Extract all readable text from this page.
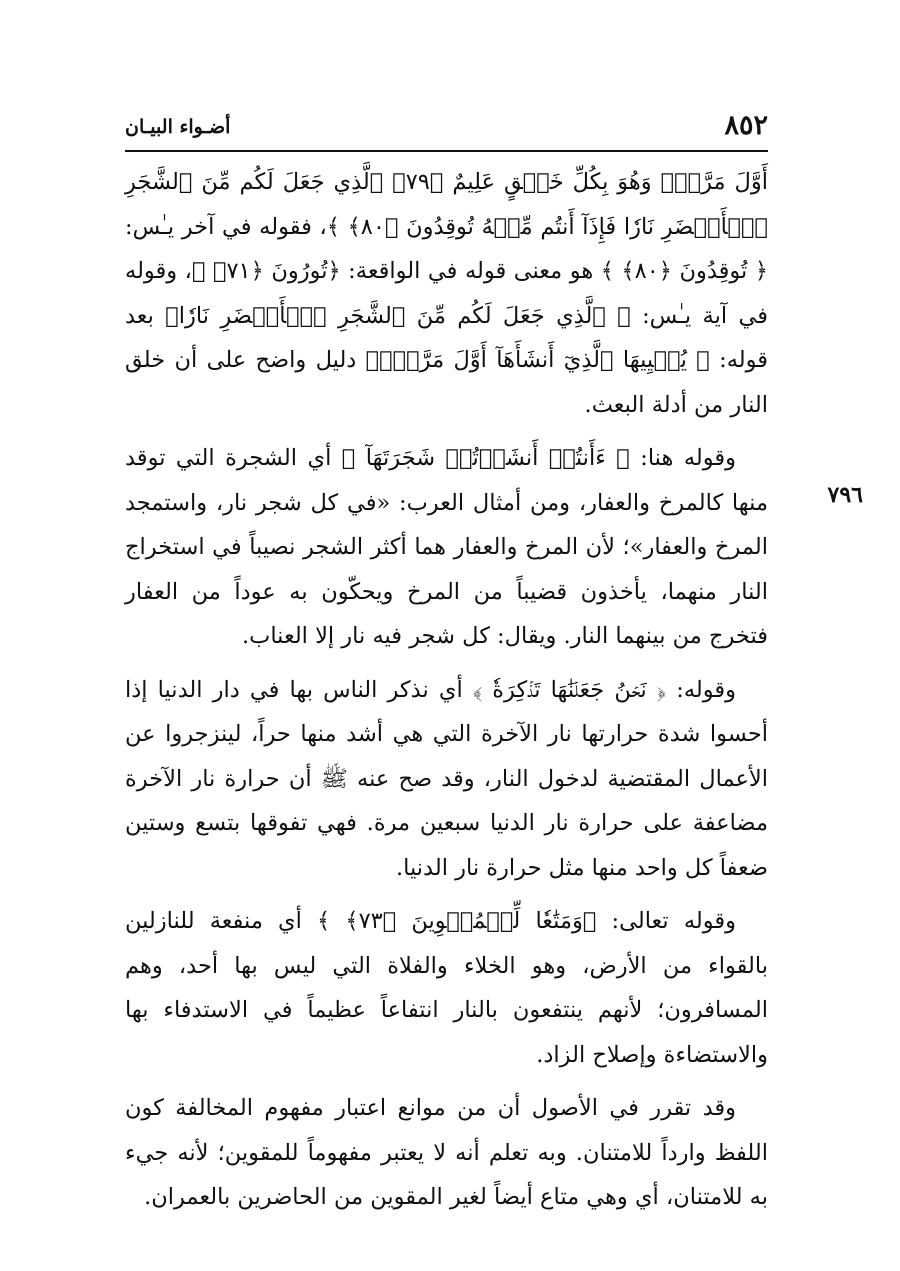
٨٥٢
أضـواء البيـان
٧٩٦

أَوَّلَ مَرَّةٍۖ وَهُوَ بِكُلِّ خَلۡقٍ عَلِيمٌ ﴿٧٩﴾ ٱلَّذِي جَعَلَ لَكُم مِّنَ ٱلشَّجَرِ ٱلۡأَخۡضَرِ نَارٗا فَإِذَآ أَنتُم مِّنۡهُ تُوقِدُونَ ﴿٨٠﴾ ﴾، فقوله في آخر يـٰس: ﴿ تُوقِدُونَ ﴿٨٠﴾ ﴾ هو معنى قوله في الواقعة: ﴿تُورُونَ ﴿٧١﴾ ﴾، وقوله في آية يـٰس: ﴿ ٱلَّذِي جَعَلَ لَكُم مِّنَ ٱلشَّجَرِ ٱلۡأَخۡضَرِ نَارٗا﴾ بعد قوله: ﴿ يُحۡيِيهَا ٱلَّذِيٓ أَنشَأَهَآ أَوَّلَ مَرَّةٍۖ﴾ دليل واضح على أن خلق النار من أدلة البعث.

وقوله هنا: ﴿ ءَأَنتُمۡ أَنشَأۡتُمۡ شَجَرَتَهَآ ﴾ أي الشجرة التي توقد منها كالمرخ والعفار، ومن أمثال العرب: «في كل شجر نار، واستمجد المرخ والعفار»؛ لأن المرخ والعفار هما أكثر الشجر نصيباً في استخراج النار منهما، يأخذون قضيباً من المرخ ويحكّون به عوداً من العفار فتخرج من بينهما النار. ويقال: كل شجر فيه نار إلا العناب.

وقوله: ﴿ نَحۡنُ جَعَلۡنَٰهَا تَذۡكِرَةٗ ﴾ أي نذكر الناس بها في دار الدنيا إذا أحسوا شدة حرارتها نار الآخرة التي هي أشد منها حراً، لينزجروا عن الأعمال المقتضية لدخول النار، وقد صح عنه ﷺ أن حرارة نار الآخرة مضاعفة على حرارة نار الدنيا سبعين مرة. فهي تفوقها بتسع وستين ضعفاً كل واحد منها مثل حرارة نار الدنيا.

وقوله تعالى: ﴿وَمَتَٰعٗا لِّلۡمُقۡوِينَ ﴿٧٣﴾ ﴾ أي منفعة للنازلين بالقواء من الأرض، وهو الخلاء والفلاة التي ليس بها أحد، وهم المسافرون؛ لأنهم ينتفعون بالنار انتفاعاً عظيماً في الاستدفاء بها والاستضاءة وإصلاح الزاد.

وقد تقرر في الأصول أن من موانع اعتبار مفهوم المخالفة كون اللفظ وارداً للامتنان. وبه تعلم أنه لا يعتبر مفهوماً للمقوين؛ لأنه جيء به للامتنان، أي وهي متاع أيضاً لغير المقوين من الحاضرين بالعمران.
